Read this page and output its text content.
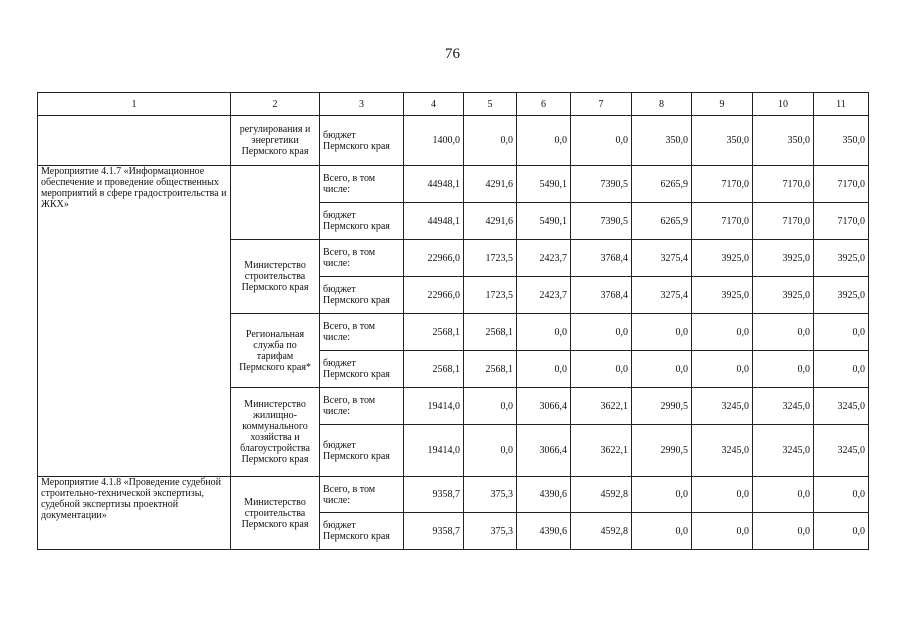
76
1	2	3	4	5	6	7	8	9	10	11
	регулирования и энергетики Пермского края	бюджет Пермского края	1400,0	0,0	0,0	0,0	350,0	350,0	350,0	350,0
Мероприятие 4.1.7 «Информационное обеспечение и проведение общественных мероприятий в сфере градостроительства и ЖКХ»		Всего, в том числе:	44948,1	4291,6	5490,1	7390,5	6265,9	7170,0	7170,0	7170,0
		бюджет Пермского края	44948,1	4291,6	5490,1	7390,5	6265,9	7170,0	7170,0	7170,0
	Министерство строительства Пермского края	Всего, в том числе:	22966,0	1723,5	2423,7	3768,4	3275,4	3925,0	3925,0	3925,0
		бюджет Пермского края	22966,0	1723,5	2423,7	3768,4	3275,4	3925,0	3925,0	3925,0
	Региональная служба по тарифам Пермского края*	Всего, в том числе:	2568,1	2568,1	0,0	0,0	0,0	0,0	0,0	0,0
		бюджет Пермского края	2568,1	2568,1	0,0	0,0	0,0	0,0	0,0	0,0
	Министерство жилищно-коммунального хозяйства и благоустройства Пермского края	Всего, в том числе:	19414,0	0,0	3066,4	3622,1	2990,5	3245,0	3245,0	3245,0
		бюджет Пермского края	19414,0	0,0	3066,4	3622,1	2990,5	3245,0	3245,0	3245,0
Мероприятие 4.1.8 «Проведение судебной строительно-технической экспертизы, судебной экспертизы проектной документации»	Министерство строительства Пермского края	Всего, в том числе:	9358,7	375,3	4390,6	4592,8	0,0	0,0	0,0	0,0
		бюджет Пермского края	9358,7	375,3	4390,6	4592,8	0,0	0,0	0,0	0,0
